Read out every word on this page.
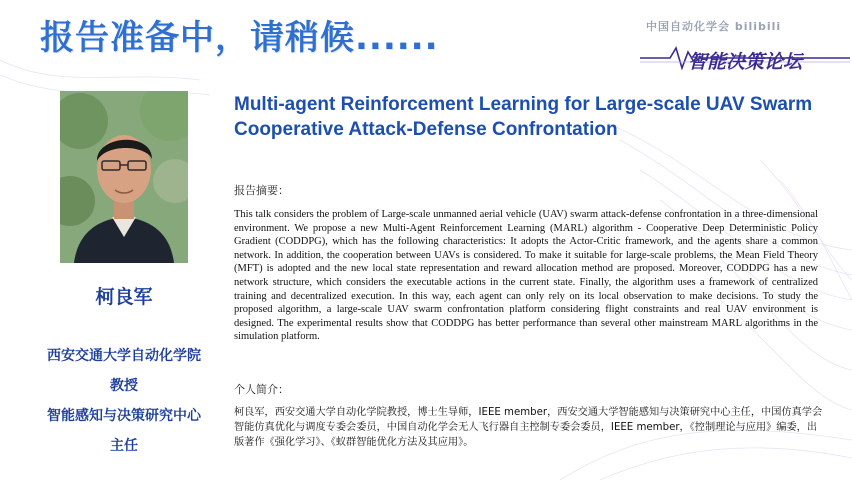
报告准备中，请稍候......	中国自动化学会 bilibili
智能决策论坛
柯良军
西安交通大学自动化学院
教授
智能感知与决策研究中心
主任
Multi-agent Reinforcement Learning for Large-scale UAV Swarm Cooperative Attack-Defense Confrontation
报告摘要：

This talk considers the problem of Large-scale unmanned aerial vehicle (UAV) swarm attack-defense confrontation in a three-dimensional environment. We propose a new Multi-Agent Reinforcement Learning (MARL) algorithm - Cooperative Deep Deterministic Policy Gradient (CODDPG), which has the following characteristics: It adopts the Actor-Critic framework, and the agents share a common network. In addition, the cooperation between UAVs is considered. To make it suitable for large-scale problems, the Mean Field Theory (MFT) is adopted and the new local state representation and reward allocation method are proposed. Moreover, CODDPG has a new network structure, which considers the executable actions in the current state. Finally, the algorithm uses a framework of centralized training and decentralized execution. In this way, each agent can only rely on its local observation to make decisions. To study the proposed algorithm, a large-scale UAV swarm confrontation platform considering flight constraints and real UAV environment is designed. The experimental results show that CODDPG has better performance than several other mainstream MARL algorithms in the simulation platform.

个人简介：

柯良军，西安交通大学自动化学院教授，博士生导师，IEEE member，西安交通大学智能感知与决策研究中心主任，中国仿真学会智能仿真优化与调度专委会委员，中国自动化学会无人飞行器自主控制专委会委员，IEEE member，《控制理论与应用》编委，出版著作《强化学习》、《蚁群智能优化方法及其应用》。
